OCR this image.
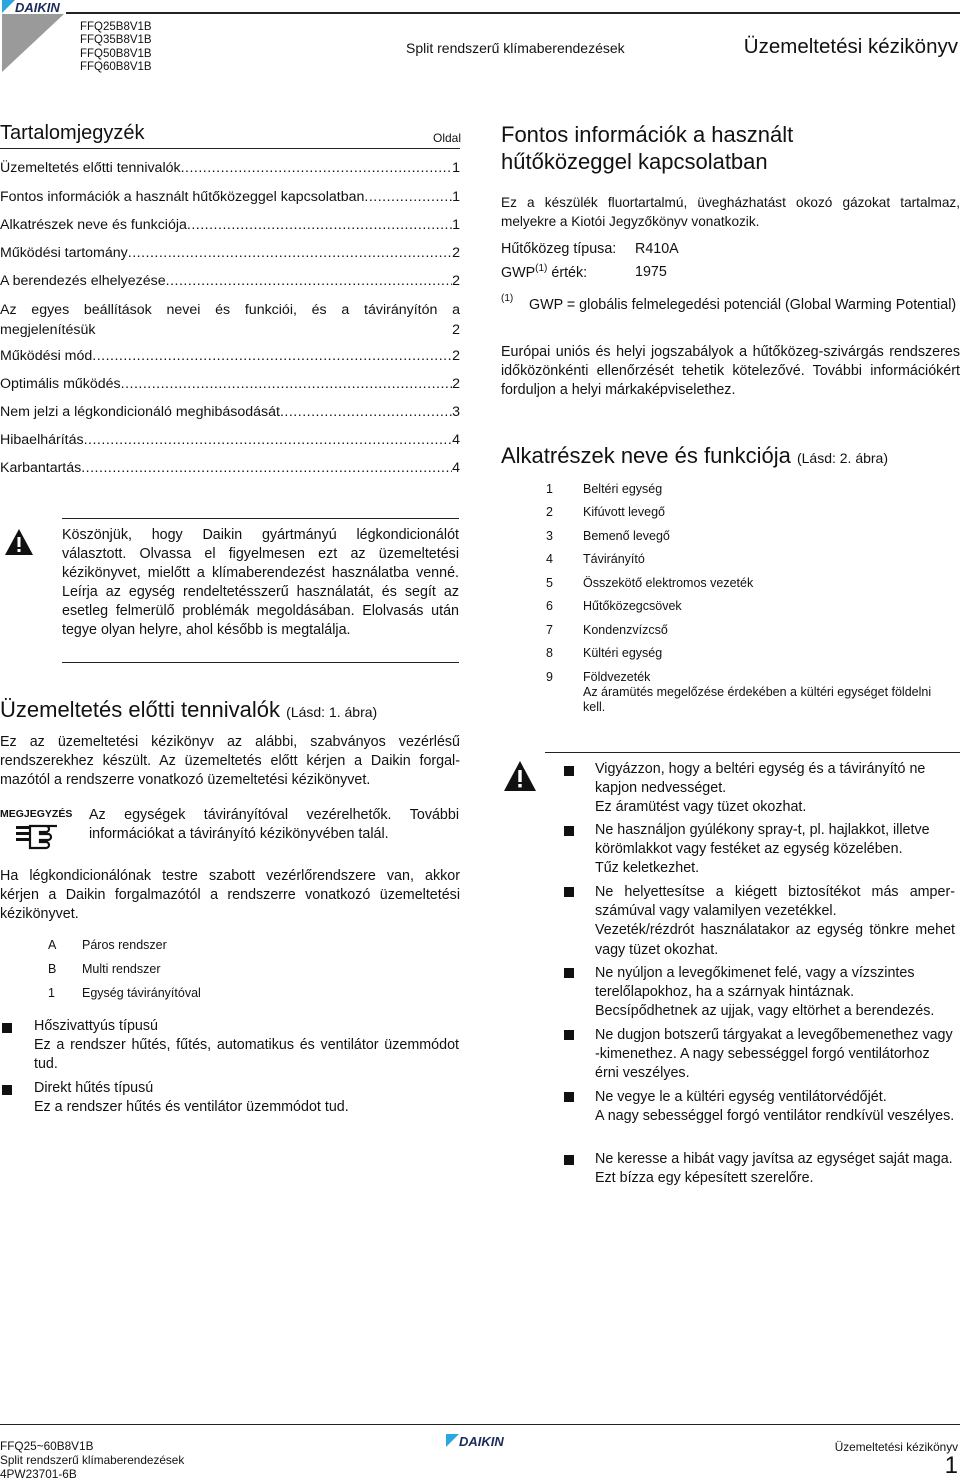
DAIKIN
FFQ25B8V1B
FFQ35B8V1B
FFQ50B8V1B
FFQ60B8V1B
Split rendszerű klímaberendezések	Üzemeltetési kézikönyv
Tartalomjegyzék	Oldal
Üzemeltetés előtti tennivalók .....	1
Fontos információk a használt hűtőközeggel kapcsolatban .....	1
Alkatrészek neve és funkciója .....	1
Működési tartomány .....	2
A berendezés elhelyezése .....	2
Az egyes beállítások nevei és funkciói, és a távirányítón a
megjelenítésük	2
Működési mód .....	2
Optimális működés .....	2
Nem jelzi a légkondicionáló meghibásodását .....	3
Hibaelhárítás .....	4
Karbantartás .....	4
Köszönjük, hogy Daikin gyártmányú légkondicionálót választott. Olvassa el figyelmesen ezt az üzemeltetési kézikönyvet, mielőtt a klímaberendezést használatba venné. Leírja az egység rendeltetésszerű használatát, és segít az esetleg felmerülő problémák megoldásában. Elolvasás után tegye olyan helyre, ahol később is megtalálja.
Üzemeltetés előtti tennivalók (Lásd: 1. ábra)
Ez az üzemeltetési kézikönyv az alábbi, szabványos vezérlésű rendszerekhez készült. Az üzemeltetés előtt kérjen a Daikin forgalmazótól a rendszerre vonatkozó üzemeltetési kézikönyvet.
MEGJEGYZÉS Az egységek távirányítóval vezérelhetők. További információkat a távirányító kézikönyvében talál.
Ha légkondicionálónak testre szabott vezérlőrendszere van, akkor kérjen a Daikin forgalmazótól a rendszerre vonatkozó üzemeltetési kézikönyvet.
A Páros rendszer
B Multi rendszer
1 Egység távirányítóval
Hőszivattyús típusú
Ez a rendszer hűtés, fűtés, automatikus és ventilátor üzemmódot tud.
Direkt hűtés típusú
Ez a rendszer hűtés és ventilátor üzemmódot tud.
Fontos információk a használt
hűtőközeggel kapcsolatban
Ez a készülék fluortartalmú, üvegházhatást okozó gázokat tartalmaz, melyekre a Kiotói Jegyzőkönyv vonatkozik.
Hűtőközeg típusa: R410A
GWP$^{(1)}$ érték:	1975
(1)	GWP = globális felmelegedési potenciál (Global Warming Potential)
Európai uniós és helyi jogszabályok a hűtőközeg-szivárgás rendszeres időközönkénti ellenőrzését tehetik kötelezővé. További információkért forduljon a helyi márkaképviselethez.
Alkatrészek neve és funkciója (Lásd: 2. ábra)
1 Beltéri egység
2 Kifúvott levegő
3 Bemenő levegő
4 Távirányító
5 Összekötő elektromos vezeték
6 Hűtőközegcsövek
7 Kondenzvízcső
8 Kültéri egység
9 Földvezeték
Az áramütés megelőzése érdekében a kültéri egységet földelni kell.
Vigyázzon, hogy a beltéri egység és a távirányító ne kapjon nedvességet.
Ez áramütést vagy tüzet okozhat.
Ne használjon gyúlékony spray-t, pl. hajlakkot, illetve körömlakkot vagy festéket az egység közelében.
Tűz keletkezhet.
Ne helyettesítse a kiégett biztosítékot más amperszámúval vagy valamilyen vezetékkel.
Vezeték/rézdrót használatakor az egység tönkre mehet vagy tüzet okozhat.
Ne nyúljon a levegőkimenet felé, vagy a vízszintes terelőlapokhoz, ha a szárnyak hintáznak.
Becsípődhetnek az ujjak, vagy eltörhet a berendezés.
Ne dugjon botszerű tárgyakat a levegőbemenethez vagy -kimenethez. A nagy sebességgel forgó ventilátorhoz érni veszélyes.
Ne vegye le a kültéri egység ventilátorvédőjét.
A nagy sebességgel forgó ventilátor rendkívül veszélyes.
Ne keresse a hibát vagy javítsa az egységet saját maga.
Ezt bízza egy képesített szerelőre.
FFQ25~60B8V1B
Split rendszerű klímaberendezések
4PW23701-6B
DAIKIN	Üzemeltetési kézikönyv
1
